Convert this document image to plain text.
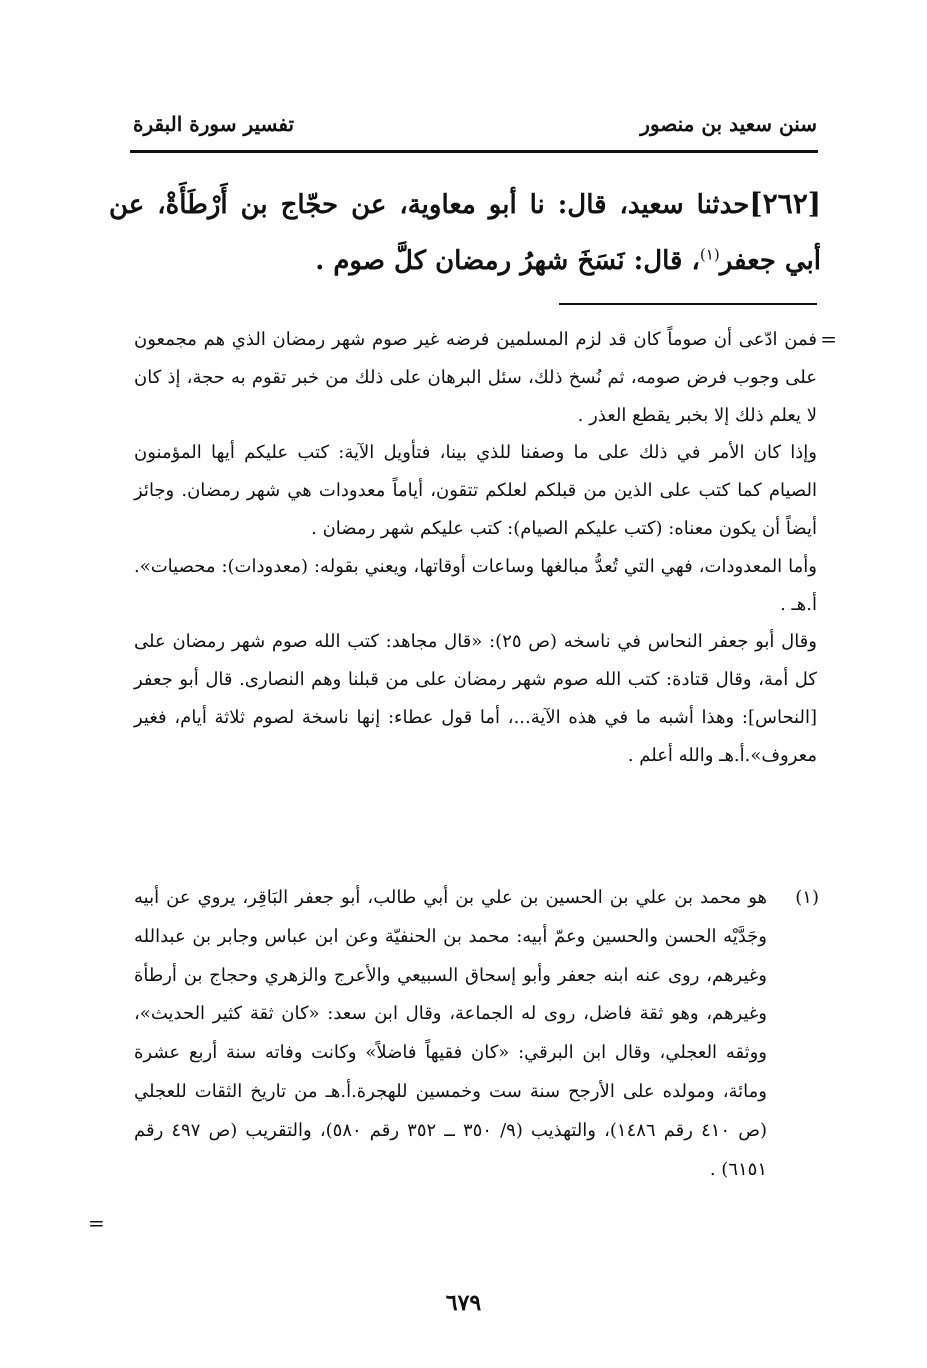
سنن سعيد بن منصور
تفسير سورة البقرة
[٢٦٢]حدثنا سعيد، قال: نا أبو معاوية، عن حجّاج بن أَرْطَأَةْ، عن أبي جعفر$^{(١)}$، قال: نَسَخَ شهرُ رمضان كلَّ صوم .
=

فمن ادّعى أن صوماً كان قد لزم المسلمين فرضه غير صوم شهر رمضان الذي هم مجمعون على وجوب فرض صومه، ثم نُسخ ذلك، سئل البرهان على ذلك من خبر تقوم به حجة، إذ كان لا يعلم ذلك إلا بخبر يقطع العذر .

وإذا كان الأمر في ذلك على ما وصفنا للذي بينا، فتأويل الآية: كتب عليكم أيها المؤمنون الصيام كما كتب على الذين من قبلكم لعلكم تتقون، أياماً معدودات هي شهر رمضان. وجائز أيضاً أن يكون معناه: (كتب عليكم الصيام): كتب عليكم شهر رمضان .

وأما المعدودات، فهي التي تُعدُّ مبالغها وساعات أوقاتها، ويعني بقوله: (معدودات): محصيات». أ.هـ .

وقال أبو جعفر النحاس في ناسخه (ص ٢٥): «قال مجاهد: كتب الله صوم شهر رمضان على كل أمة، وقال قتادة: كتب الله صوم شهر رمضان على من قبلنا وهم النصارى. قال أبو جعفر [النحاس]: وهذا أشبه ما في هذه الآية...، أما قول عطاء: إنها ناسخة لصوم ثلاثة أيام، فغير معروف».أ.هـ والله أعلم .

(١)

هو محمد بن علي بن الحسين بن علي بن أبي طالب، أبو جعفر البَاقِر، يروي عن أبيه وجَدَّيْه الحسن والحسين وعمّ أبيه: محمد بن الحنفيّة وعن ابن عباس وجابر بن عبدالله وغيرهم، روى عنه ابنه جعفر وأبو إسحاق السبيعي والأعرج والزهري وحجاج بن أرطأة وغيرهم، وهو ثقة فاضل، روى له الجماعة، وقال ابن سعد: «كان ثقة كثير الحديث»، ووثقه العجلي، وقال ابن البرقي: «كان فقيهاً فاضلاً» وكانت وفاته سنة أربع عشرة ومائة، ومولده على الأرجح سنة ست وخمسين للهجرة.أ.هـ من تاريخ الثقات للعجلي (ص ٤١٠ رقم ١٤٨٦)، والتهذيب (٩/ ٣٥٠ ــ ٣٥٢ رقم ٥٨٠)، والتقريب (ص ٤٩٧ رقم ٦١٥١) .

=
٦٧٩
